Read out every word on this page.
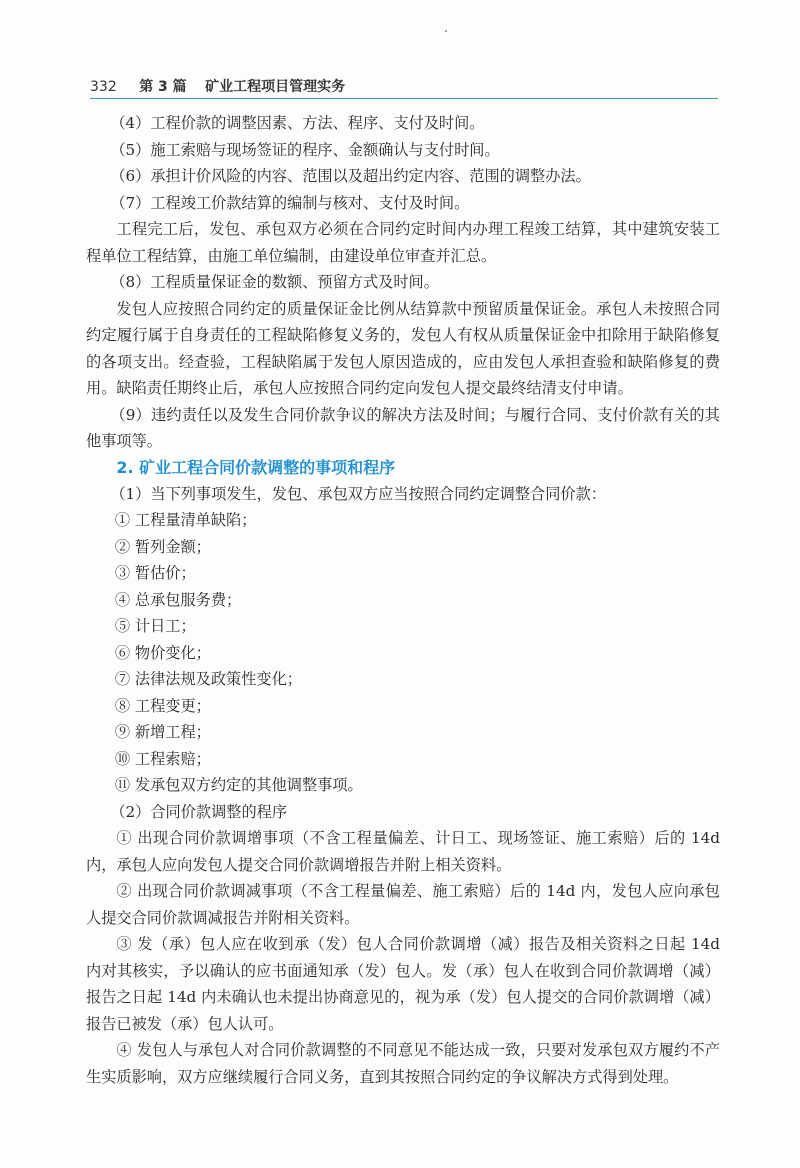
332 第 3 篇 矿业工程项目管理实务

（4）工程价款的调整因素、方法、程序、支付及时间。

（5）施工索赔与现场签证的程序、金额确认与支付时间。

（6）承担计价风险的内容、范围以及超出约定内容、范围的调整办法。

（7）工程竣工价款结算的编制与核对、支付及时间。

工程完工后，发包、承包双方必须在合同约定时间内办理工程竣工结算，其中建筑安装工程单位工程结算，由施工单位编制，由建设单位审查并汇总。

（8）工程质量保证金的数额、预留方式及时间。

发包人应按照合同约定的质量保证金比例从结算款中预留质量保证金。承包人未按照合同约定履行属于自身责任的工程缺陷修复义务的，发包人有权从质量保证金中扣除用于缺陷修复的各项支出。经查验，工程缺陷属于发包人原因造成的，应由发包人承担查验和缺陷修复的费用。缺陷责任期终止后，承包人应按照合同约定向发包人提交最终结清支付申请。

（9）违约责任以及发生合同价款争议的解决方法及时间；与履行合同、支付价款有关的其他事项等。

2. 矿业工程合同价款调整的事项和程序

（1）当下列事项发生，发包、承包双方应当按照合同约定调整合同价款：

① 工程量清单缺陷；
② 暂列金额；
③ 暂估价；
④ 总承包服务费；
⑤ 计日工；
⑥ 物价变化；
⑦ 法律法规及政策性变化；
⑧ 工程变更；
⑨ 新增工程；
⑩ 工程索赔；
⑪ 发承包双方约定的其他调整事项。

（2）合同价款调整的程序

① 出现合同价款调增事项（不含工程量偏差、计日工、现场签证、施工索赔）后的 14d 内，承包人应向发包人提交合同价款调增报告并附上相关资料。

② 出现合同价款调减事项（不含工程量偏差、施工索赔）后的 14d 内，发包人应向承包人提交合同价款调减报告并附相关资料。

③ 发（承）包人应在收到承（发）包人合同价款调增（减）报告及相关资料之日起 14d 内对其核实，予以确认的应书面通知承（发）包人。发（承）包人在收到合同价款调增（减）报告之日起 14d 内未确认也未提出协商意见的，视为承（发）包人提交的合同价款调增（减）报告已被发（承）包人认可。

④ 发包人与承包人对合同价款调整的不同意见不能达成一致，只要对发承包双方履约不产生实质影响，双方应继续履行合同义务，直到其按照合同约定的争议解决方式得到处理。
